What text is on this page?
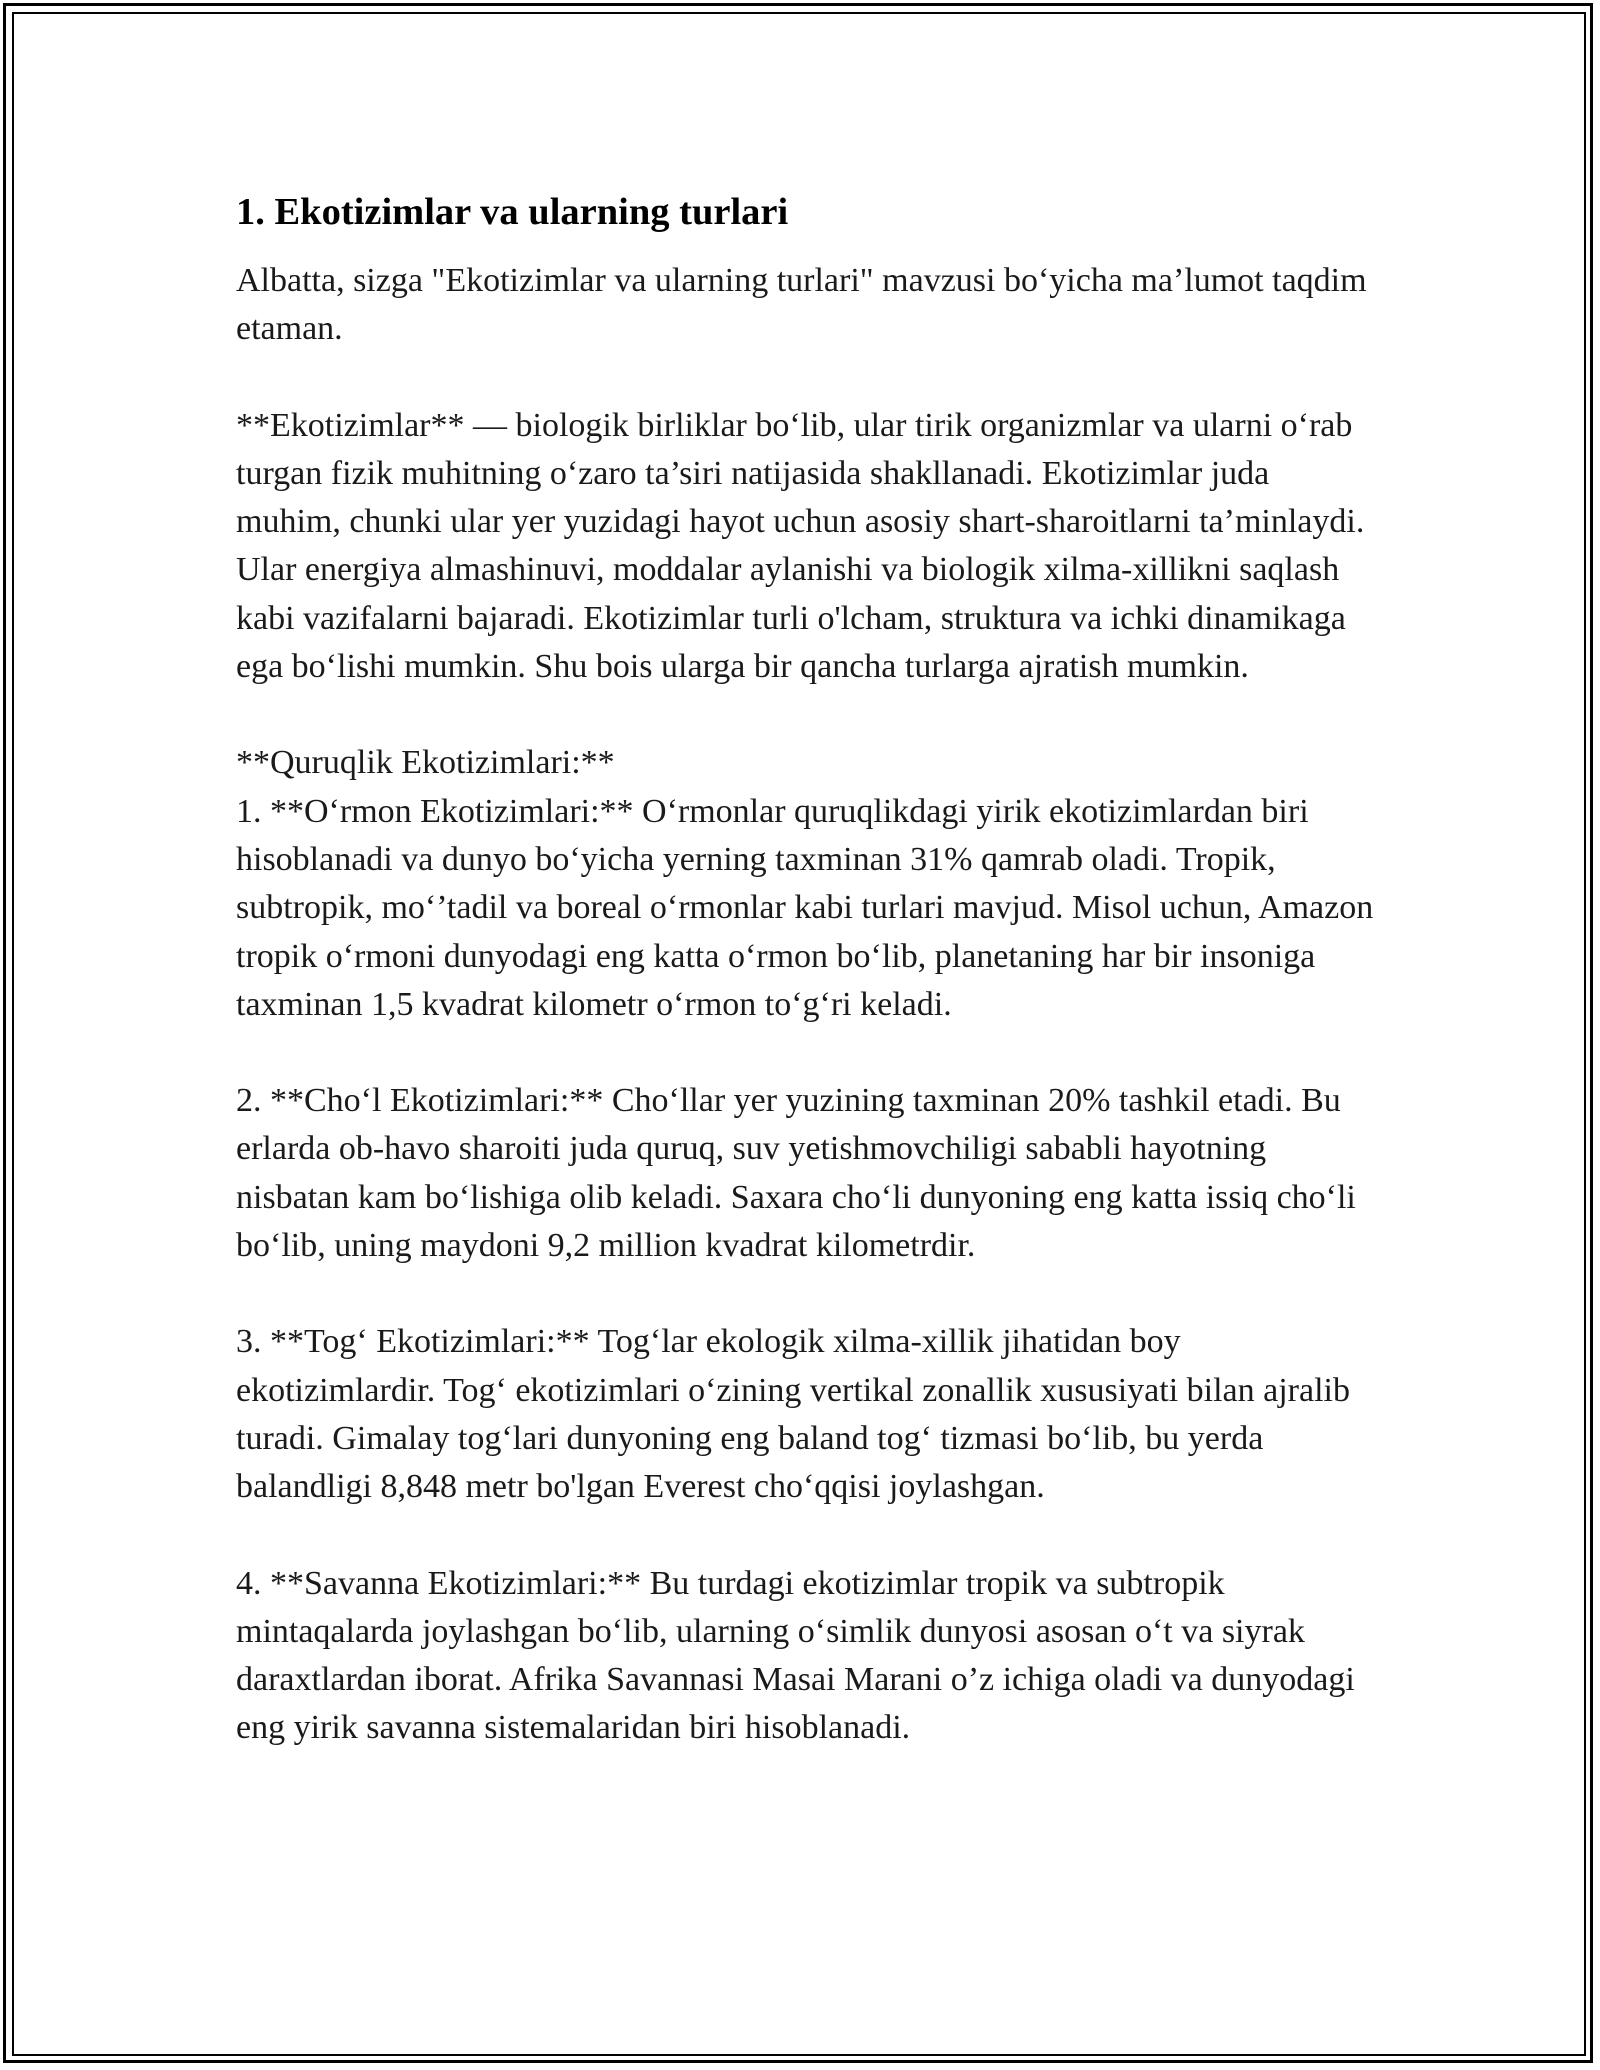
1. Ekotizimlar va ularning turlari

Albatta, sizga "Ekotizimlar va ularning turlari" mavzusi bo‘yicha ma’lumot taqdim etaman.

**Ekotizimlar** — biologik birliklar bo‘lib, ular tirik organizmlar va ularni o‘rab turgan fizik muhitning o‘zaro ta’siri natijasida shakllanadi. Ekotizimlar juda muhim, chunki ular yer yuzidagi hayot uchun asosiy shart-sharoitlarni ta’minlaydi. Ular energiya almashinuvi, moddalar aylanishi va biologik xilma-xillikni saqlash kabi vazifalarni bajaradi. Ekotizimlar turli o'lcham, struktura va ichki dinamikaga ega bo‘lishi mumkin. Shu bois ularga bir qancha turlarga ajratish mumkin.

**Quruqlik Ekotizimlari:**

1. **O‘rmon Ekotizimlari:** O‘rmonlar quruqlikdagi yirik ekotizimlardan biri hisoblanadi va dunyo bo‘yicha yerning taxminan 31% qamrab oladi. Tropik, subtropik, mo‘’tadil va boreal o‘rmonlar kabi turlari mavjud. Misol uchun, Amazon tropik o‘rmoni dunyodagi eng katta o‘rmon bo‘lib, planetaning har bir insoniga taxminan 1,5 kvadrat kilometr o‘rmon to‘g‘ri keladi.

2. **Cho‘l Ekotizimlari:** Cho‘llar yer yuzining taxminan 20% tashkil etadi. Bu erlarda ob-havo sharoiti juda quruq, suv yetishmovchiligi sababli hayotning nisbatan kam bo‘lishiga olib keladi. Saxara cho‘li dunyoning eng katta issiq cho‘li bo‘lib, uning maydoni 9,2 million kvadrat kilometrdir.

3. **Tog‘ Ekotizimlari:** Tog‘lar ekologik xilma-xillik jihatidan boy ekotizimlardir. Tog‘ ekotizimlari o‘zining vertikal zonallik xususiyati bilan ajralib turadi. Gimalay tog‘lari dunyoning eng baland tog‘ tizmasi bo‘lib, bu yerda balandligi 8,848 metr bo'lgan Everest cho‘qqisi joylashgan.

4. **Savanna Ekotizimlari:** Bu turdagi ekotizimlar tropik va subtropik mintaqalarda joylashgan bo‘lib, ularning o‘simlik dunyosi asosan o‘t va siyrak daraxtlardan iborat. Afrika Savannasi Masai Marani o’z ichiga oladi va dunyodagi eng yirik savanna sistemalaridan biri hisoblanadi.
